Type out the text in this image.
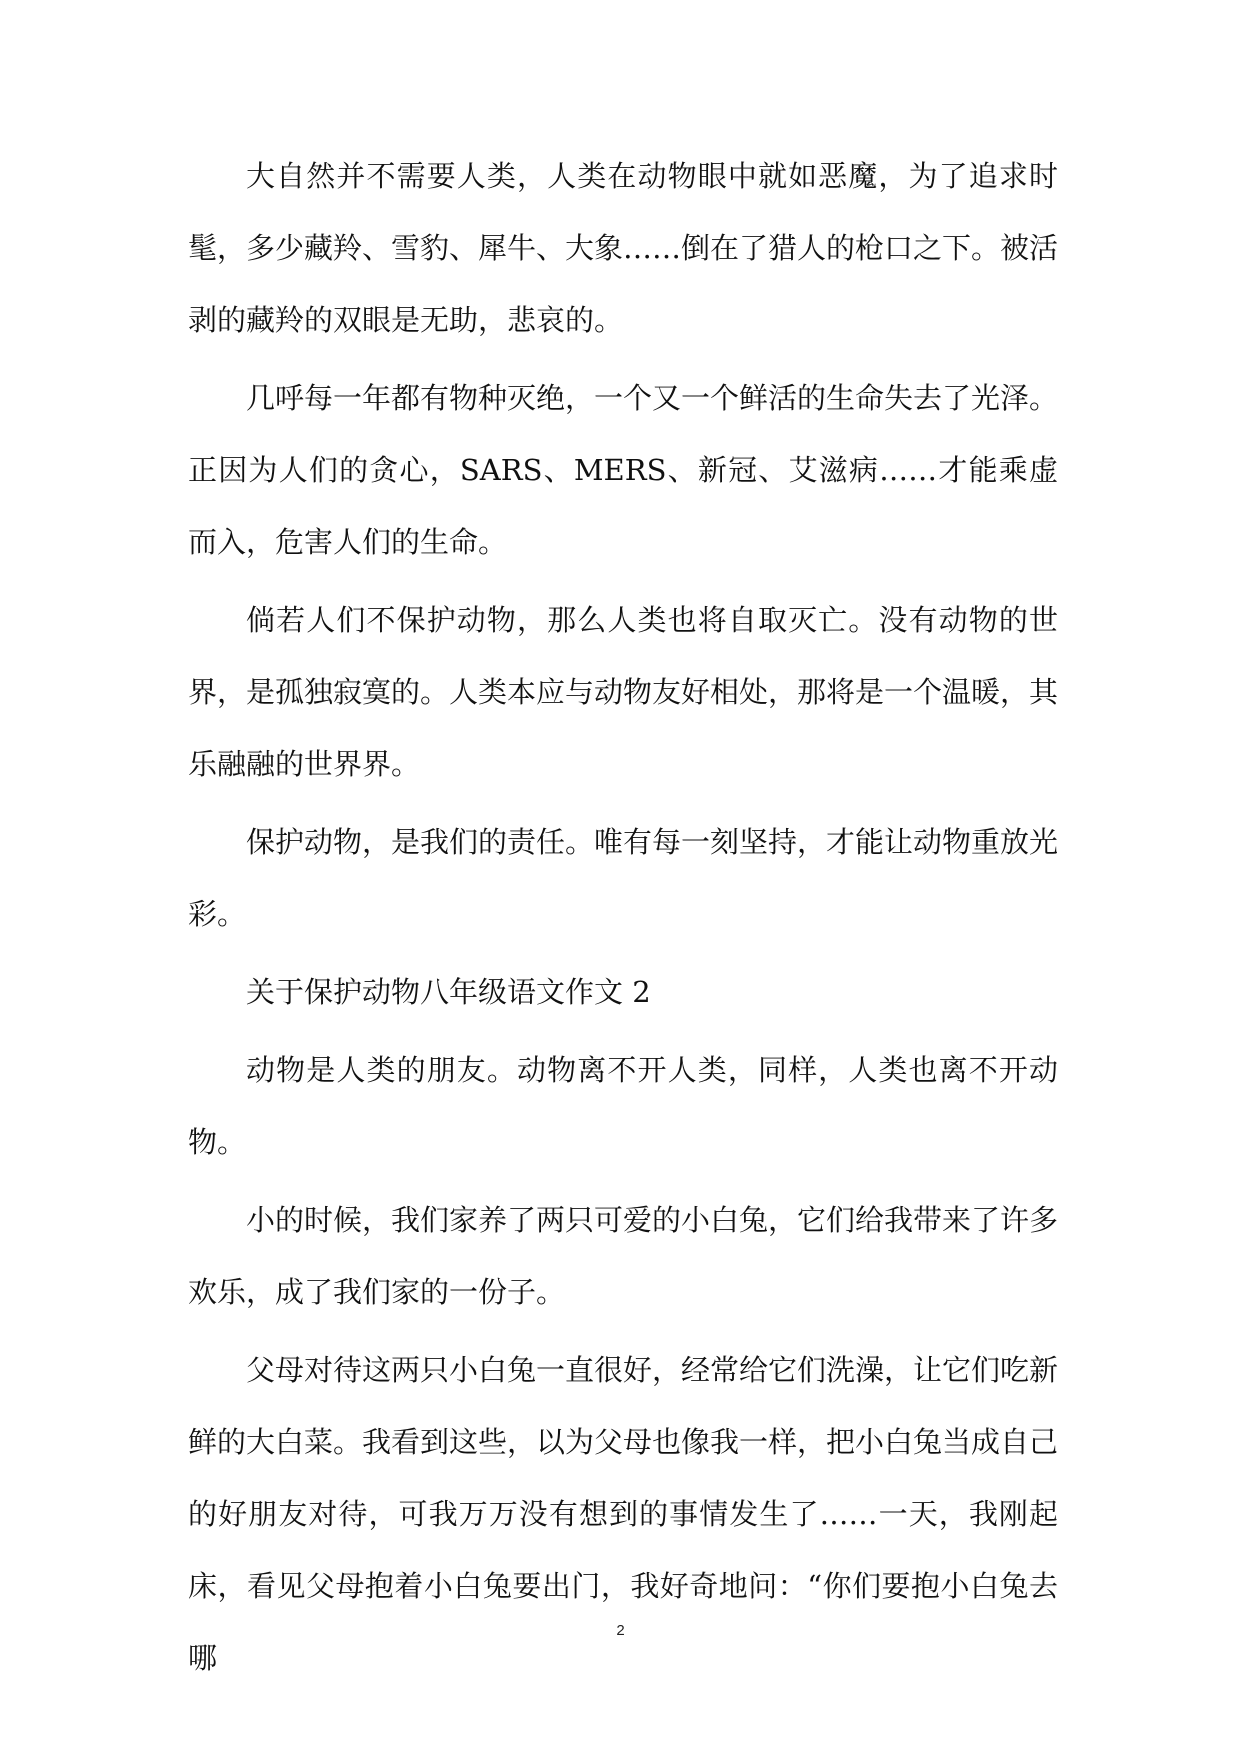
大自然并不需要人类，人类在动物眼中就如恶魔，为了追求时髦，多少藏羚、雪豹、犀牛、大象……倒在了猎人的枪口之下。被活剥的藏羚的双眼是无助，悲哀的。

几呼每一年都有物种灭绝，一个又一个鲜活的生命失去了光泽。正因为人们的贪心，SARS、MERS、新冠、艾滋病……才能乘虚而入，危害人们的生命。

倘若人们不保护动物，那么人类也将自取灭亡。没有动物的世界，是孤独寂寞的。人类本应与动物友好相处，那将是一个温暖，其乐融融的世界界。

保护动物，是我们的责任。唯有每一刻坚持，才能让动物重放光彩。

关于保护动物八年级语文作文 2

动物是人类的朋友。动物离不开人类，同样，人类也离不开动物。

小的时候，我们家养了两只可爱的小白兔，它们给我带来了许多欢乐，成了我们家的一份子。

父母对待这两只小白兔一直很好，经常给它们洗澡，让它们吃新鲜的大白菜。我看到这些，以为父母也像我一样，把小白兔当成自己的好朋友对待，可我万万没有想到的事情发生了……一天，我刚起床，看见父母抱着小白兔要出门，我好奇地问：“你们要抱小白兔去哪

2
